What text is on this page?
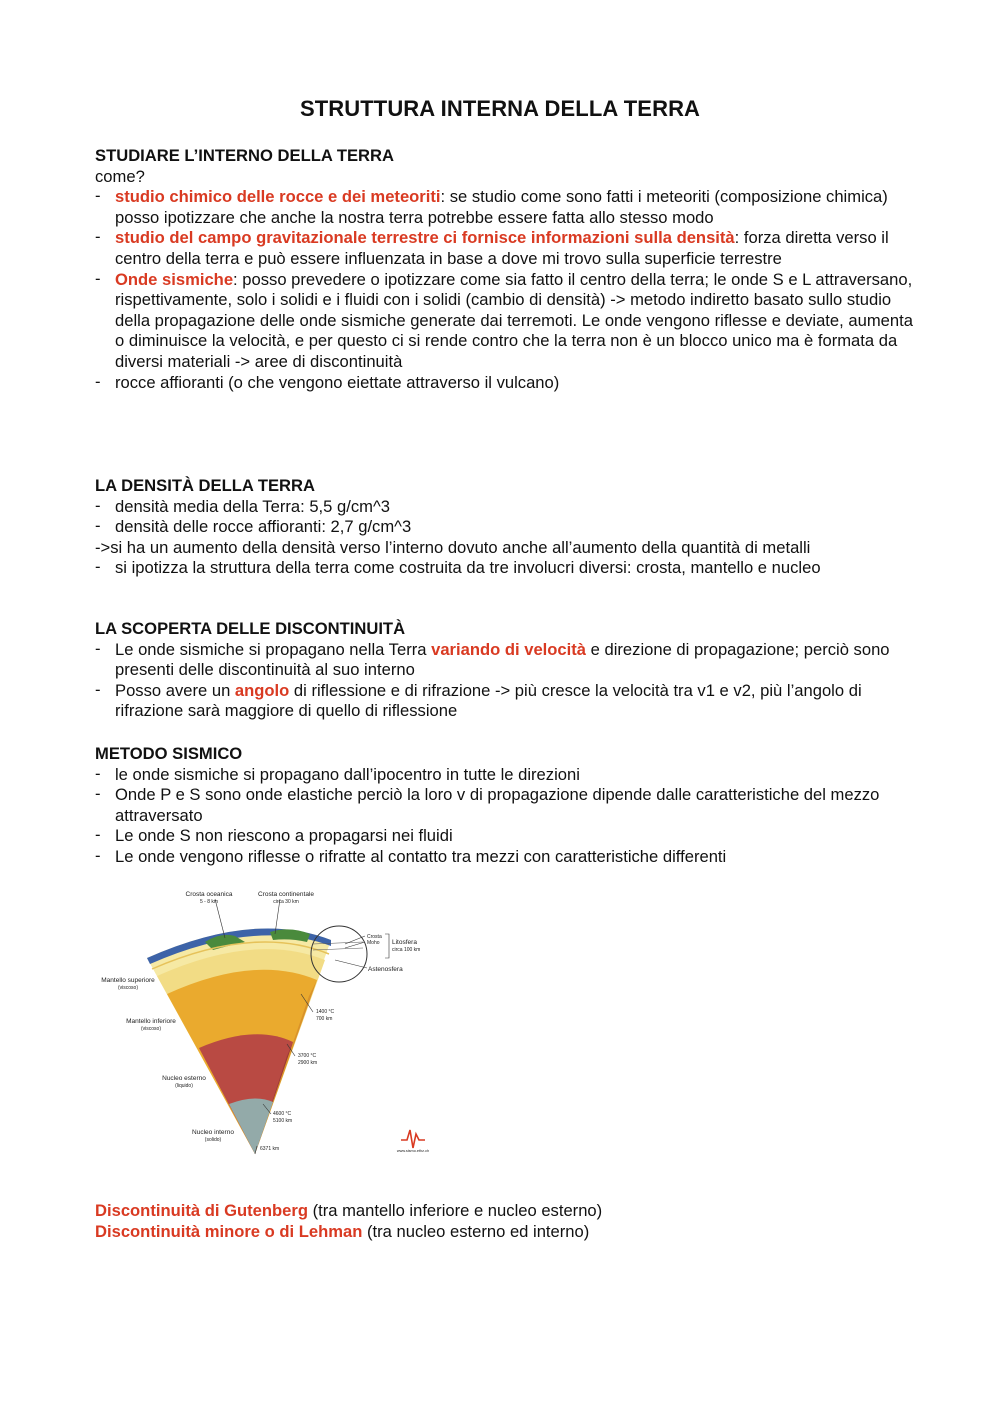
STRUTTURA INTERNA DELLA TERRA
STUDIARE L’INTERNO DELLA TERRA

come?

- studio chimico delle rocce e dei meteoriti: se studio come sono fatti i meteoriti (composizione chimica) posso ipotizzare che anche la nostra terra potrebbe essere fatta allo stesso modo
- studio del campo gravitazionale terrestre ci fornisce informazioni sulla densità: forza diretta verso il centro della terra e può essere influenzata in base a dove mi trovo sulla superficie terrestre
- Onde sismiche: posso prevedere o ipotizzare come sia fatto il centro della terra; le onde S e L attraversano, rispettivamente, solo i solidi e i fluidi con i solidi (cambio di densità) -> metodo indiretto basato sullo studio della propagazione delle onde sismiche generate dai terremoti. Le onde vengono riflesse e deviate, aumenta o diminuisce la velocità, e per questo ci si rende contro che la terra non è un blocco unico ma è formata da diversi materiali -> aree di discontinuità
- rocce affioranti (o che vengono eiettate attraverso il vulcano)
LA DENSITÀ DELLA TERRA
- densità media della Terra: 5,5 g/cm^3
- densità delle rocce affioranti: 2,7 g/cm^3

->si ha un aumento della densità verso l’interno dovuto anche all’aumento della quantità di metalli

- si ipotizza la struttura della terra come costruita da tre involucri diversi: crosta, mantello e nucleo
LA SCOPERTA DELLE DISCONTINUITÀ
- Le onde sismiche si propagano nella Terra variando di velocità e direzione di propagazione; perciò sono presenti delle discontinuità al suo interno
- Posso avere un angolo di riflessione e di rifrazione -> più cresce la velocità tra v1 e v2, più l’angolo di rifrazione sarà maggiore di quello di riflessione
METODO SISMICO
- le onde sismiche si propagano dall’ipocentro in tutte le direzioni
- Onde P e S sono onde elastiche perciò la loro v di propagazione dipende dalle caratteristiche del mezzo attraversato
- Le onde S non riescono a propagarsi nei fluidi
- Le onde vengono riflesse o rifratte al contatto tra mezzi con caratteristiche differenti
Crosta oceanica
5 - 8 km
Crosta continentale
circa 30 km
Crosta
Moho Litosfera
circa 100 km
Astenosfera
Mantello superiore
(viscoso)
Mantello inferiore
(viscoso)
Nucleo esterno
(liquido)
Nucleo interno
(solido)
1400 °C
700 km
3700 °C
2900 km
4600 °C
5100 km
6371 km	www.sismo.ethz.ch

Discontinuità di Gutenberg (tra mantello inferiore e nucleo esterno)

Discontinuità minore o di Lehman (tra nucleo esterno ed interno)
